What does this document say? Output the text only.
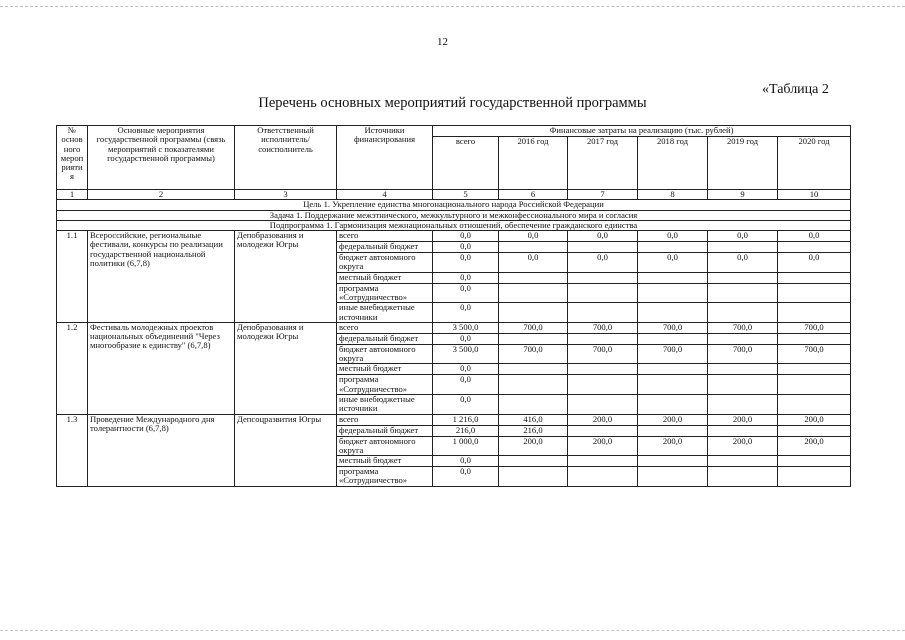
12
«Таблица 2
Перечень основных мероприятий государственной программы
№ основ ного мероп рияти я	Основные мероприятия государственной программы (связь мероприятий с показателями государственной программы)	Ответственный исполнитель/ соисполнитель	Источники финансирования	Финансовые затраты на реализацию (тыс. рублей)					
				всего	2016 год	2017 год	2018 год	2019 год	2020 год
1	2	3	4	5	6	7	8	9	10
Цель 1. Укрепление единства многонационального народа Российской Федерации									
Задача 1. Поддержание межэтнического, межкультурного и межконфессионального мира и согласия									
Подпрограмма 1. Гармонизация межнациональных отношений, обеспечение гражданского единства									
1.1	Всероссийские, региональные фестивали, конкурсы по реализации государственной национальной политики (6,7,8)	Депобразования и молодежи Югры	всего	0,0	0,0	0,0	0,0	0,0	0,0
			федеральный бюджет	0,0					
			бюджет автономного округа	0,0	0,0	0,0	0,0	0,0	0,0
			местный бюджет	0,0					
			программа «Сотрудничество»	0,0					
			иные внебюджетные источники	0,0					
1.2	Фестиваль молодежных проектов национальных объединений "Через многообразие к единству" (6,7,8)	Депобразования и молодежи Югры	всего	3 500,0	700,0	700,0	700,0	700,0	700,0
			федеральный бюджет	0,0					
			бюджет автономного округа	3 500,0	700,0	700,0	700,0	700,0	700,0
			местный бюджет	0,0					
			программа «Сотрудничество»	0,0					
			иные внебюджетные источники	0,0					
1.3	Проведение Международного дня толерантности (6,7,8)	Депсоцразвития Югры	всего	1 216,0	416,0	200,0	200,0	200,0	200,0
			федеральный бюджет	216,0	216,0				
			бюджет автономного округа	1 000,0	200,0	200,0	200,0	200,0	200,0
			местный бюджет	0,0					
			программа «Сотрудничество»	0,0					
